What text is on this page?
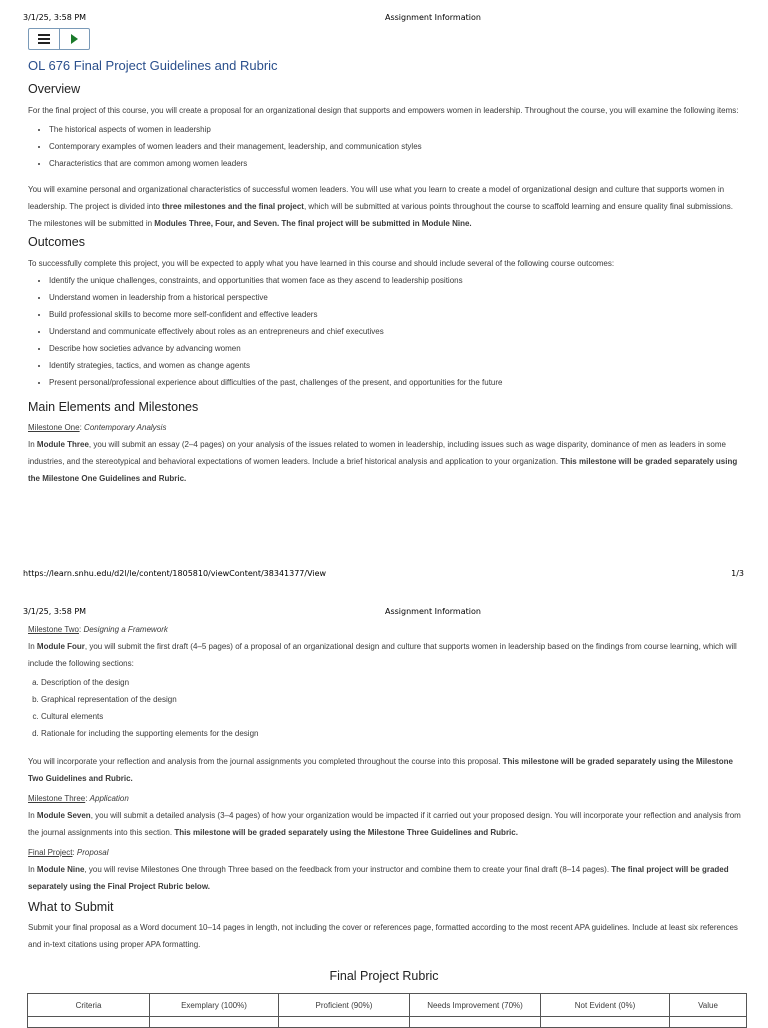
3/1/25, 3:58 PM	Assignment Information
OL 676 Final Project Guidelines and Rubric
Overview

For the final project of this course, you will create a proposal for an organizational design that supports and empowers women in leadership. Throughout the course, you will examine the following items:

• The historical aspects of women in leadership
• Contemporary examples of women leaders and their management, leadership, and communication styles
• Characteristics that are common among women leaders

You will examine personal and organizational characteristics of successful women leaders. You will use what you learn to create a model of organizational design and culture that supports women in leadership. The project is divided into three milestones and the final project, which will be submitted at various points throughout the course to scaffold learning and ensure quality final submissions. The milestones will be submitted in Modules Three, Four, and Seven. The final project will be submitted in Module Nine.

Outcomes

To successfully complete this project, you will be expected to apply what you have learned in this course and should include several of the following course outcomes:

• Identify the unique challenges, constraints, and opportunities that women face as they ascend to leadership positions
• Understand women in leadership from a historical perspective
• Build professional skills to become more self-confident and effective leaders
• Understand and communicate effectively about roles as an entrepreneurs and chief executives
• Describe how societies advance by advancing women
• Identify strategies, tactics, and women as change agents
• Present personal/professional experience about difficulties of the past, challenges of the present, and opportunities for the future
Main Elements and Milestones
Milestone One: Contemporary Analysis

In Module Three, you will submit an essay (2–4 pages) on your analysis of the issues related to women in leadership, including issues such as wage disparity, dominance of men as leaders in some industries, and the stereotypical and behavioral expectations of women leaders. Include a brief historical analysis and application to your organization. This milestone will be graded separately using the Milestone One Guidelines and Rubric.

https://learn.snhu.edu/d2l/le/content/1805810/viewContent/38341377/View	1/3
3/1/25, 3:58 PM	Assignment Information
Milestone Two: Designing a Framework

In Module Four, you will submit the first draft (4–5 pages) of a proposal of an organizational design and culture that supports women in leadership based on the findings from course learning, which will include the following sections:

a. Description of the design
b. Graphical representation of the design
c. Cultural elements
d. Rationale for including the supporting elements for the design

You will incorporate your reflection and analysis from the journal assignments you completed throughout the course into this proposal. This milestone will be graded separately using the Milestone Two Guidelines and Rubric.

Milestone Three: Application

In Module Seven, you will submit a detailed analysis (3–4 pages) of how your organization would be impacted if it carried out your proposed design. You will incorporate your reflection and analysis from the journal assignments into this section. This milestone will be graded separately using the Milestone Three Guidelines and Rubric.

Final Project: Proposal

In Module Nine, you will revise Milestones One through Three based on the feedback from your instructor and combine them to create your final draft (8–14 pages). The final project will be graded separately using the Final Project Rubric below.

What to Submit

Submit your final proposal as a Word document 10–14 pages in length, not including the cover or references page, formatted according to the most recent APA guidelines. Include at least six references and in-text citations using proper APA formatting.

Final Project Rubric
Criteria	Exemplary (100%)	Proficient (90%)	Needs Improvement (70%)	Not Evident (0%)	Value
